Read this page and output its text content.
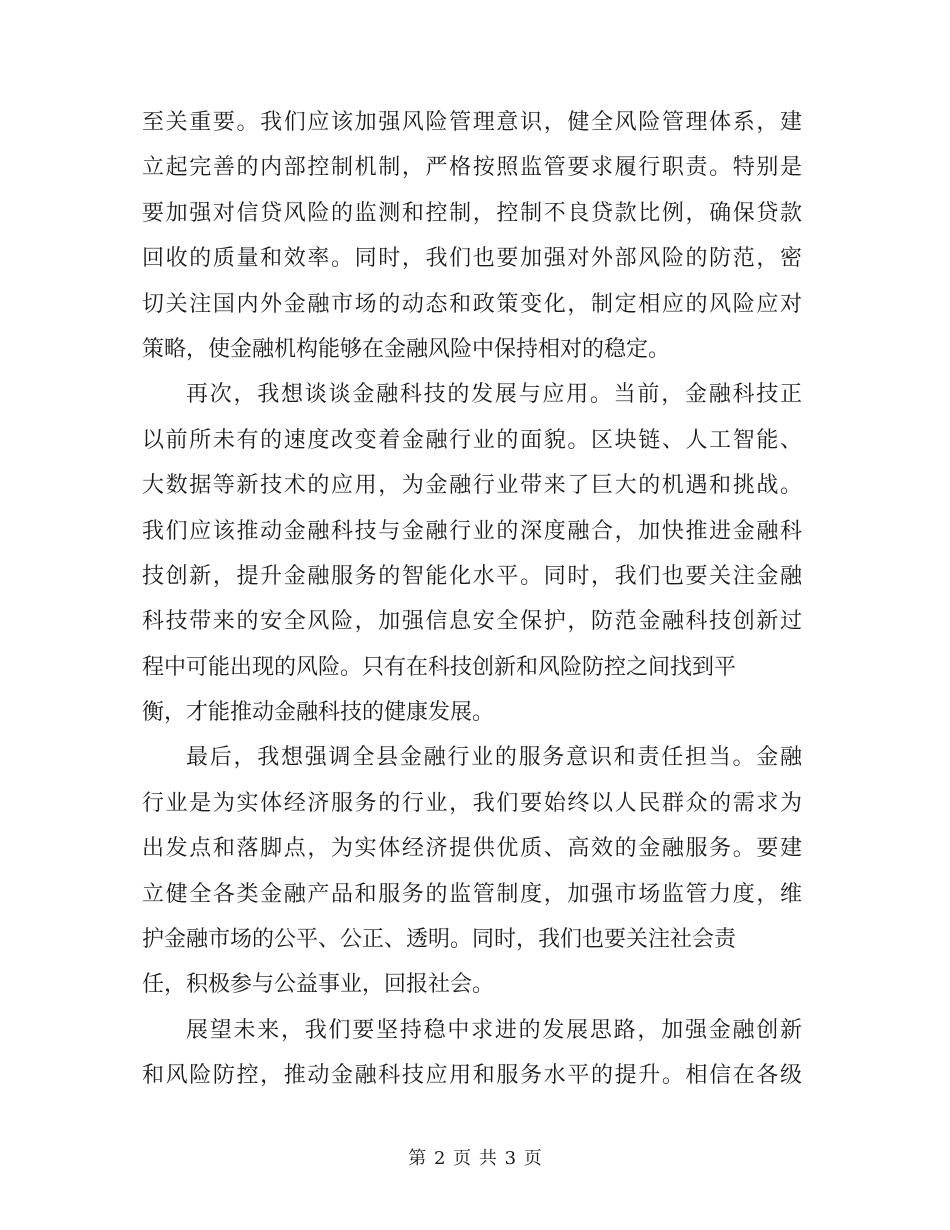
至关重要。我们应该加强风险管理意识，健全风险管理体系，建
立起完善的内部控制机制，严格按照监管要求履行职责。特别是
要加强对信贷风险的监测和控制，控制不良贷款比例，确保贷款
回收的质量和效率。同时，我们也要加强对外部风险的防范，密
切关注国内外金融市场的动态和政策变化，制定相应的风险应对
策略，使金融机构能够在金融风险中保持相对的稳定。
再次，我想谈谈金融科技的发展与应用。当前，金融科技正
以前所未有的速度改变着金融行业的面貌。区块链、人工智能、
大数据等新技术的应用，为金融行业带来了巨大的机遇和挑战。
我们应该推动金融科技与金融行业的深度融合，加快推进金融科
技创新，提升金融服务的智能化水平。同时，我们也要关注金融
科技带来的安全风险，加强信息安全保护，防范金融科技创新过
程中可能出现的风险。只有在科技创新和风险防控之间找到平
衡，才能推动金融科技的健康发展。
最后，我想强调全县金融行业的服务意识和责任担当。金融
行业是为实体经济服务的行业，我们要始终以人民群众的需求为
出发点和落脚点，为实体经济提供优质、高效的金融服务。要建
立健全各类金融产品和服务的监管制度，加强市场监管力度，维
护金融市场的公平、公正、透明。同时，我们也要关注社会责
任，积极参与公益事业，回报社会。
展望未来，我们要坚持稳中求进的发展思路，加强金融创新
和风险防控，推动金融科技应用和服务水平的提升。相信在各级
第 2 页 共 3 页
